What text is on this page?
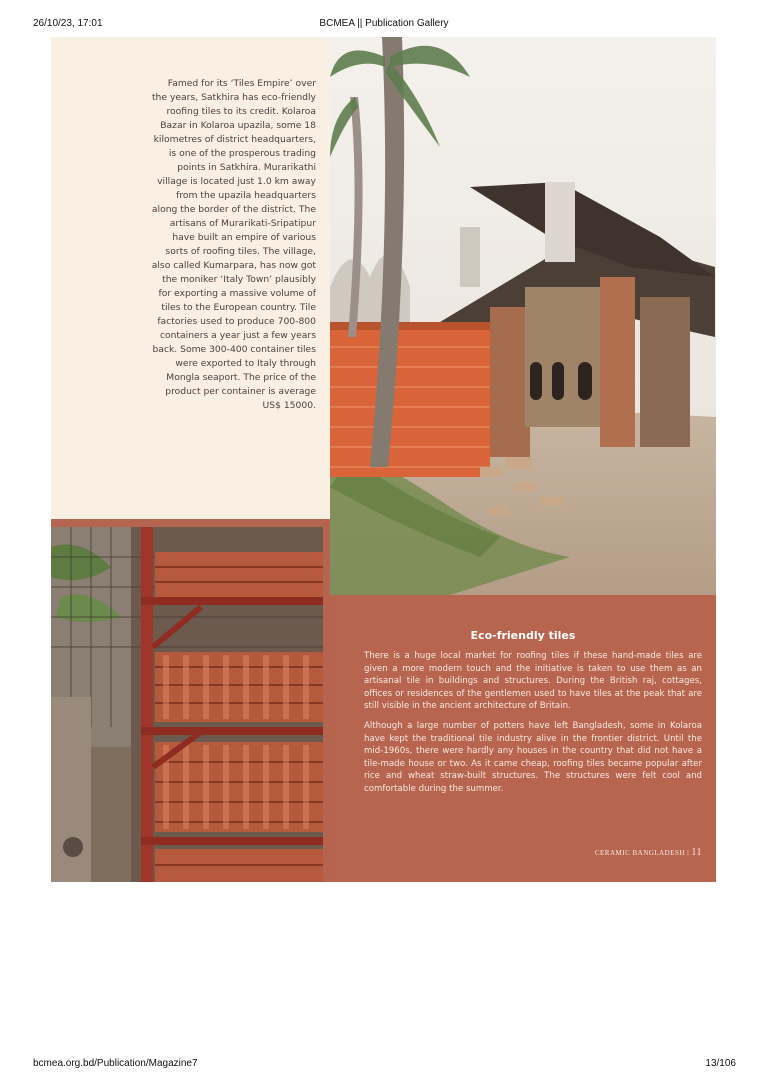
26/10/23, 17:01	BCMEA || Publication Gallery

Famed for its ‘Tiles Empire’ over the years, Satkhira has eco-friendly roofing tiles to its credit. Kolaroa Bazar in Kolaroa upazila, some 18 kilometres of district headquarters, is one of the prosperous trading points in Satkhira. Murarikathi village is located just 1.0 km away from the upazila headquarters along the border of the district. The artisans of Murarikati-Sripatipur have built an empire of various sorts of roofing tiles. The village, also called Kumarpara, has now got the moniker ‘Italy Town’ plausibly for exporting a massive volume of tiles to the European country. Tile factories used to produce 700-800 containers a year just a few years back. Some 300-400 container tiles were exported to Italy through Mongla seaport. The price of the product per container is average US$ 15000.

Eco-friendly tiles

There is a huge local market for roofing tiles if these hand-made tiles are given a more modern touch and the initiative is taken to use them as an artisanal tile in buildings and structures. During the British raj, cottages, offices or residences of the gentlemen used to have tiles at the peak that are still visible in the ancient architecture of Britain.

Although a large number of potters have left Bangladesh, some in Kolaroa have kept the traditional tile industry alive in the frontier district. Until the mid-1960s, there were hardly any houses in the country that did not have a tile-made house or two. As it came cheap, roofing tiles became popular after rice and wheat straw-built structures. The structures were felt cool and comfortable during the summer.

CERAMIC BANGLADESH | 11
bcmea.org.bd/Publication/Magazine7	13/106
